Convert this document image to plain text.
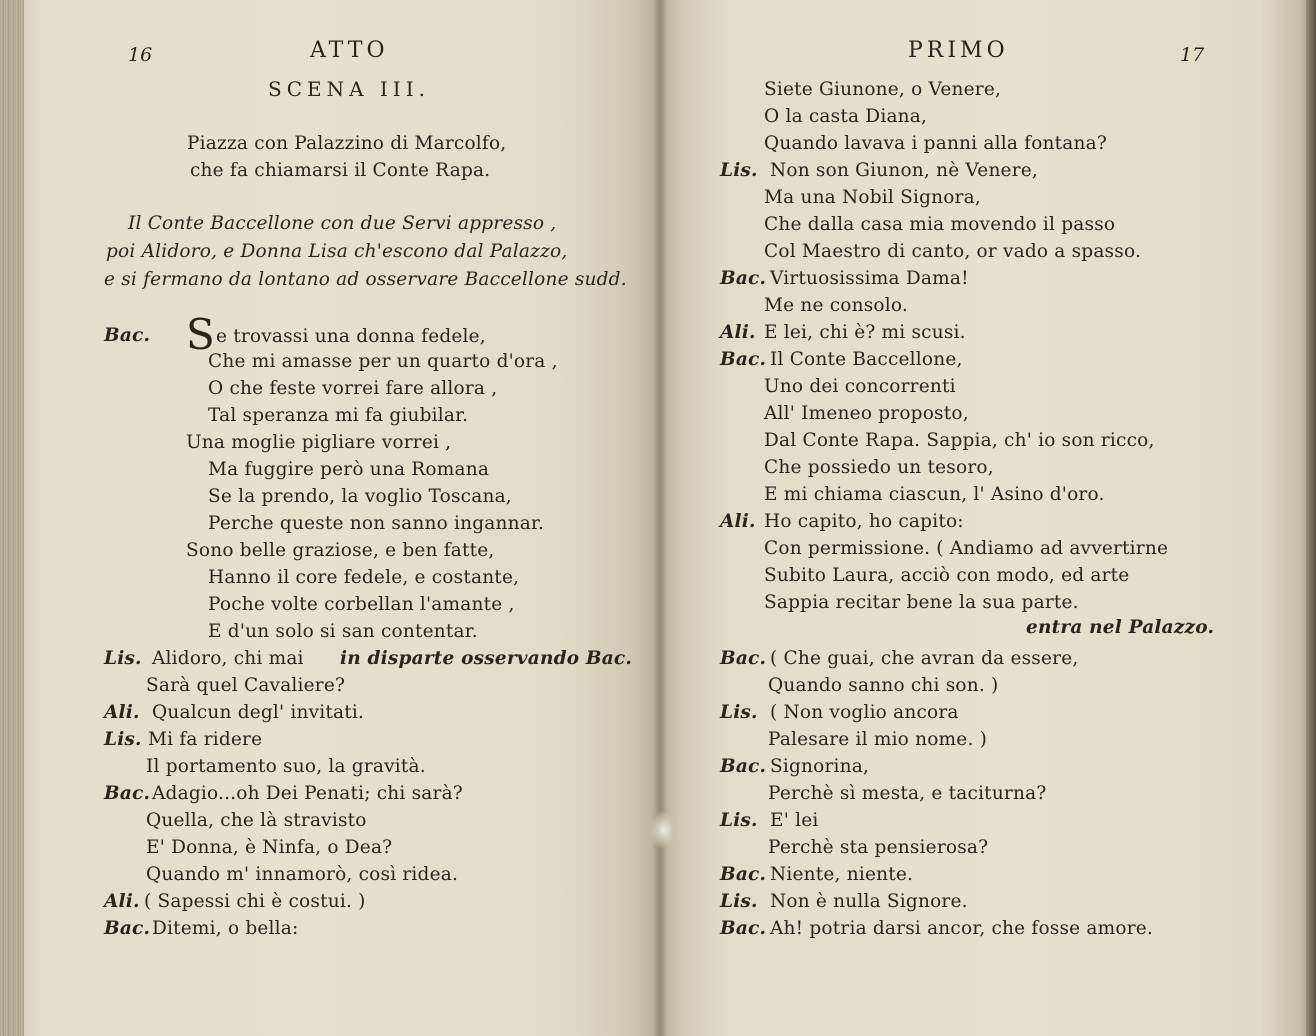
16	ATTO
SCENA III.
Piazza con Palazzino di Marcolfo,
che fa chiamarsi il Conte Rapa.
Il Conte Baccellone con due Servi appresso ,
poi Alidoro, e Donna Lisa ch'escono dal Palazzo,
e si fermano da lontano ad osservare Baccellone sudd.
Bac. Se trovassi una donna fedele,
Che mi amasse per un quarto d'ora ,
O che feste vorrei fare allora ,
Tal speranza mi fa giubilar.
Una moglie pigliare vorrei ,
Ma fuggire però una Romana
Se la prendo, la voglio Toscana,
Perche queste non sanno ingannar.
Sono belle graziose, e ben fatte,
Hanno il core fedele, e costante,
Poche volte corbellan l'amante ,
E d'un solo si san contentar.
Lis. Alidoro, chi mai in disparte osservando Bac.
Sarà quel Cavaliere?
Ali. Qualcun degl' invitati.
Lis. Mi fa ridere
Il portamento suo, la gravità.
Bac. Adagio...oh Dei Penati; chi sarà?
Quella, che là stravisto
E' Donna, è Ninfa, o Dea?
Quando m' innamorò, così ridea.
Ali. ( Sapessi chi è costui. )
Bac. Ditemi, o bella:
PRIMO	17
Siete Giunone, o Venere,
O la casta Diana,
Quando lavava i panni alla fontana?
Lis. Non son Giunon, nè Venere,
Ma una Nobil Signora,
Che dalla casa mia movendo il passo
Col Maestro di canto, or vado a spasso.
Bac. Virtuosissima Dama!
Me ne consolo.
Ali. E lei, chi è? mi scusi.
Bac. Il Conte Baccellone,
Uno dei concorrenti
All' Imeneo proposto,
Dal Conte Rapa. Sappia, ch' io son ricco,
Che possiedo un tesoro,
E mi chiama ciascun, l' Asino d'oro.
Ali. Ho capito, ho capito:
Con permissione. ( Andiamo ad avvertirne
Subito Laura, acciò con modo, ed arte
Sappia recitar bene la sua parte.
entra nel Palazzo.
Bac. ( Che guai, che avran da essere,
Quando sanno chi son. )
Lis. ( Non voglio ancora
Palesare il mio nome. )
Bac. Signorina,
Perchè sì mesta, e taciturna?
Lis. E' lei
Perchè sta pensierosa?
Bac. Niente, niente.
Lis. Non è nulla Signore.
Bac. Ah! potria darsi ancor, che fosse amore.
